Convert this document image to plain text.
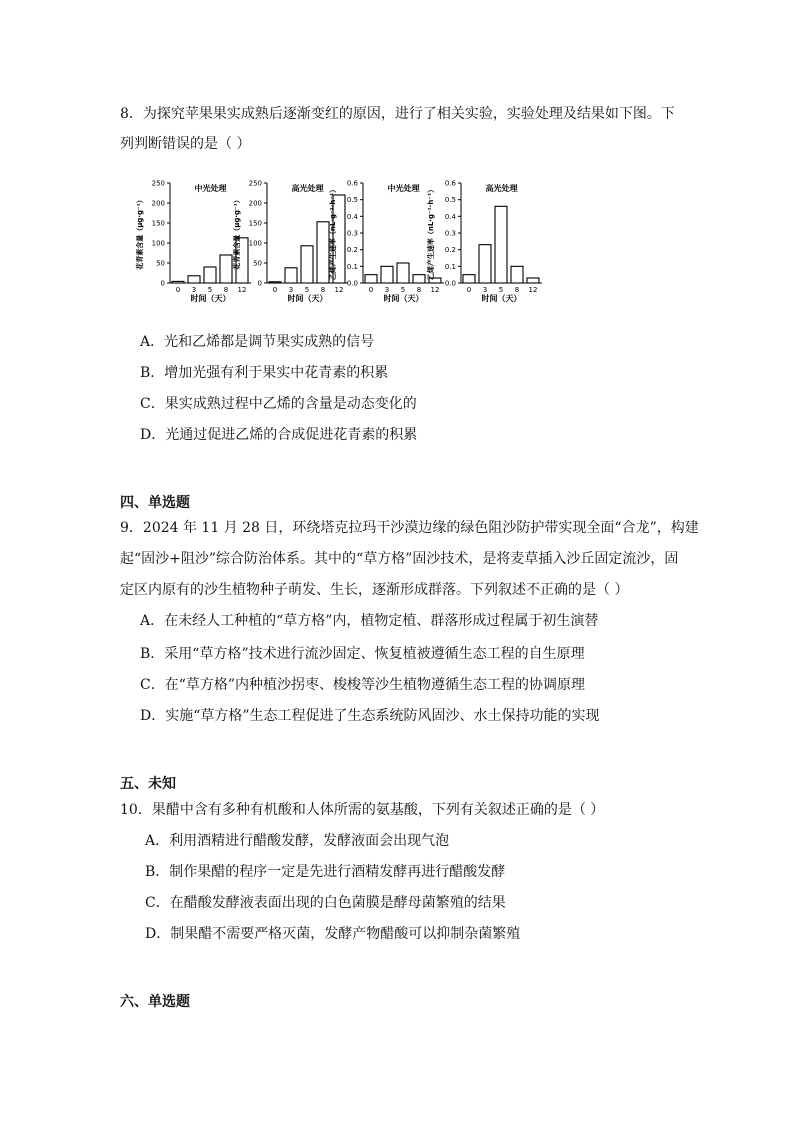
8．为探究苹果果实成熟后逐渐变红的原因，进行了相关实验，实验处理及结果如下图。下
列判断错误的是（ ）
0
50
100
150
200
250
0 3 5 8 12
中光处理
时间（天）
花青素含量（μg·g⁻¹）
0
50
100
150
200
250
0 3 5 8 12
高光处理
时间（天）
花青素含量（μg·g⁻¹）
0.0
0.1
0.2
0.3
0.4
0.5
0.6
0 3 5 8 12
中光处理
时间（天）
乙烯产生速率（nL·g⁻¹·h⁻¹）
0.0
0.1
0.2
0.3
0.4
0.5
0.6
0 3 5 8 12
高光处理
时间（天）
乙烯产生速率（nL·g⁻¹·h⁻¹）
A．光和乙烯都是调节果实成熟的信号
B．增加光强有利于果实中花青素的积累
C．果实成熟过程中乙烯的含量是动态变化的
D．光通过促进乙烯的合成促进花青素的积累
四、单选题
9．2024 年 11 月 28 日，环绕塔克拉玛干沙漠边缘的绿色阻沙防护带实现全面“合龙”，构建
起“固沙+阻沙”综合防治体系。其中的“草方格”固沙技术，是将麦草插入沙丘固定流沙，固
定区内原有的沙生植物种子萌发、生长，逐渐形成群落。下列叙述不正确的是（ ）
A．在未经人工种植的“草方格”内，植物定植、群落形成过程属于初生演替
B．采用“草方格”技术进行流沙固定、恢复植被遵循生态工程的自生原理
C．在“草方格”内种植沙拐枣、梭梭等沙生植物遵循生态工程的协调原理
D．实施“草方格”生态工程促进了生态系统防风固沙、水土保持功能的实现
五、未知
10．果醋中含有多种有机酸和人体所需的氨基酸，下列有关叙述正确的是（ ）
A．利用酒精进行醋酸发酵，发酵液面会出现气泡
B．制作果醋的程序一定是先进行酒精发酵再进行醋酸发酵
C．在醋酸发酵液表面出现的白色菌膜是酵母菌繁殖的结果
D．制果醋不需要严格灭菌，发酵产物醋酸可以抑制杂菌繁殖
六、单选题
